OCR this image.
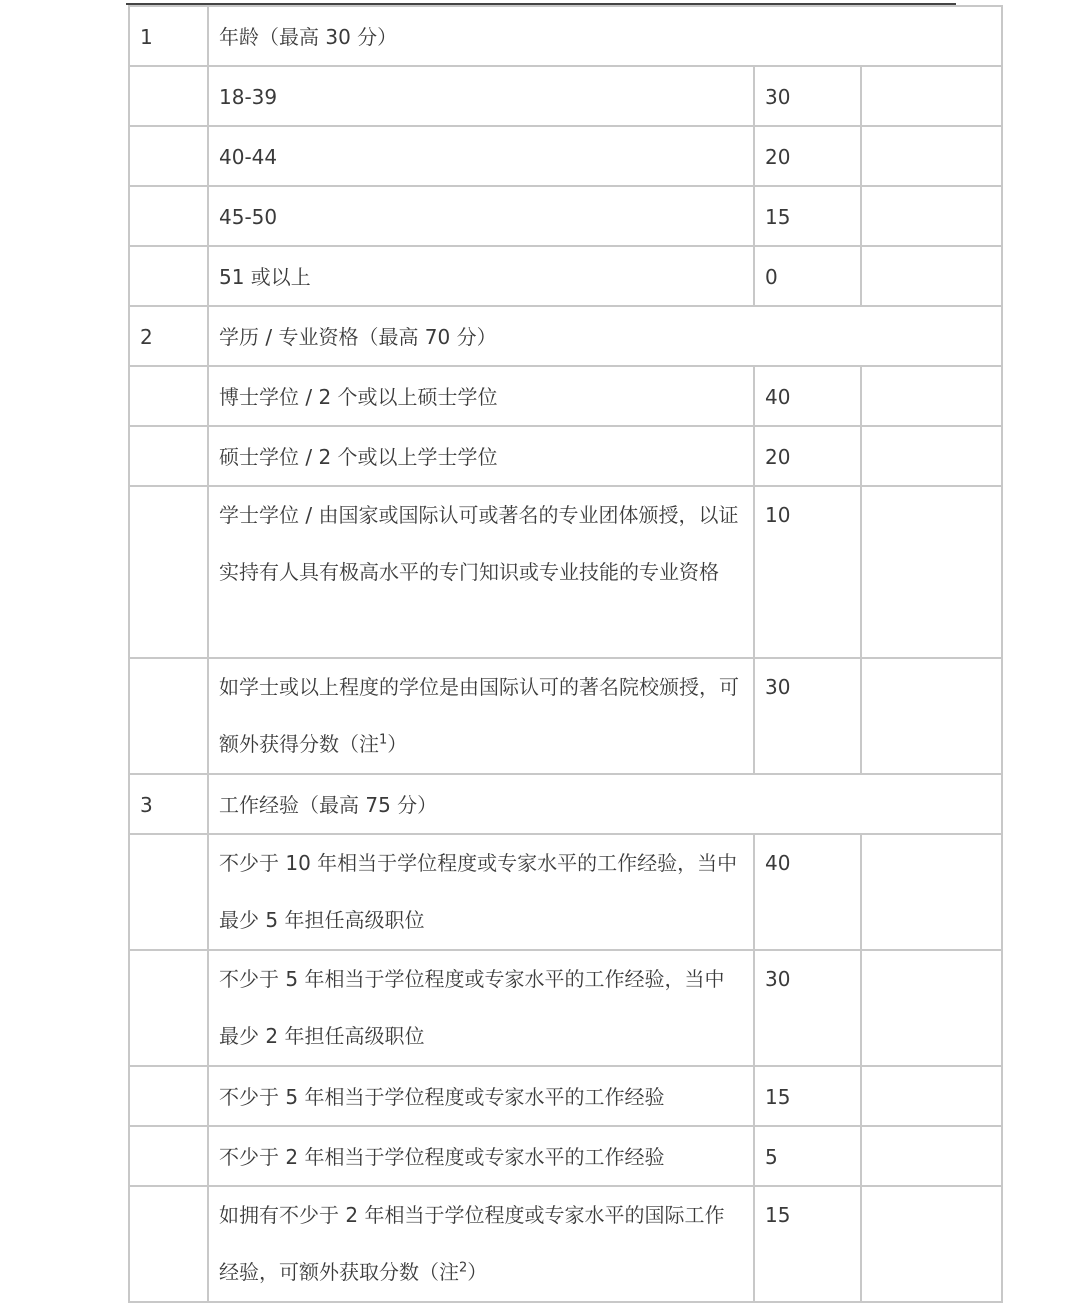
1	年龄（最高 30 分）		
	18-39	30	
	40-44	20	
	45-50	15	
	51 或以上	0	
2	学历 / 专业资格（最高 70 分）		
	博士学位 / 2 个或以上硕士学位	40	
	硕士学位 / 2 个或以上学士学位	20	
	学士学位 / 由国家或国际认可或著名的专业团体颁授，以证实持有人具有极高水平的专门知识或专业技能的专业资格	10	
	如学士或以上程度的学位是由国际认可的著名院校颁授，可额外获得分数（注$^1$）	30	
3	工作经验（最高 75 分）		
	不少于 10 年相当于学位程度或专家水平的工作经验，当中最少 5 年担任高级职位	40	
	不少于 5 年相当于学位程度或专家水平的工作经验，当中最少 2 年担任高级职位	30	
	不少于 5 年相当于学位程度或专家水平的工作经验	15	
	不少于 2 年相当于学位程度或专家水平的工作经验	5	
	如拥有不少于 2 年相当于学位程度或专家水平的国际工作经验，可额外获取分数（注$^2$）	15	
